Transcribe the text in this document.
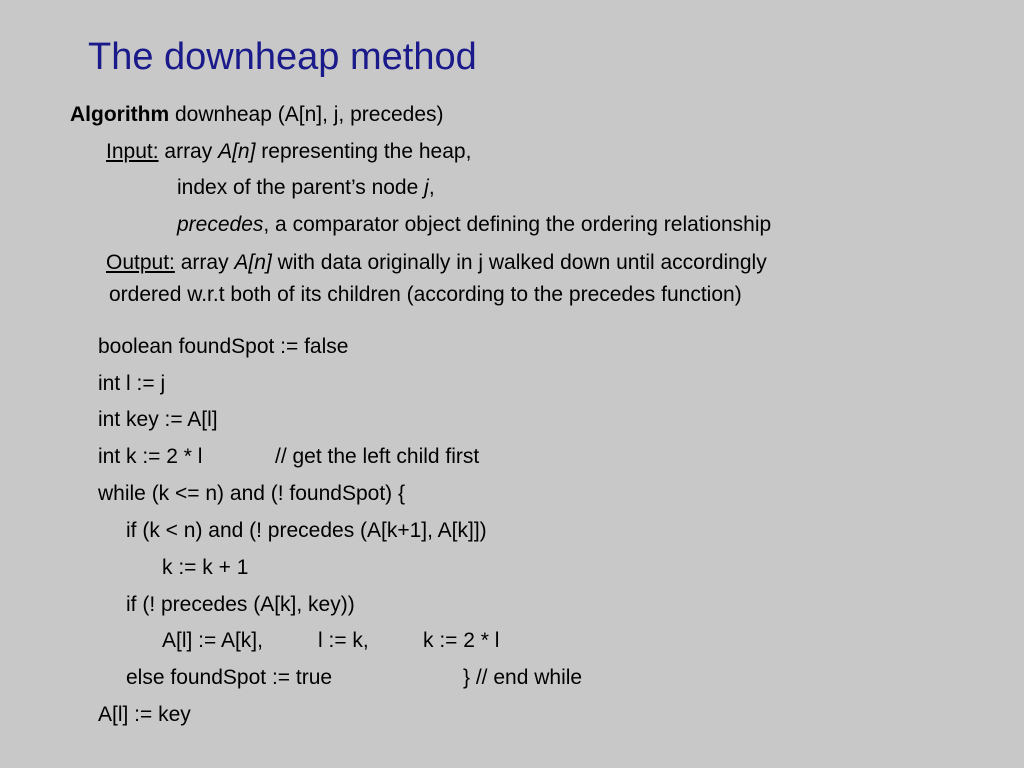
The downheap method
Algorithm downheap (A[n], j, precedes)
Input: array A[n] representing the heap,
index of the parent’s node j,
precedes, a comparator object defining the ordering relationship
Output: array A[n] with data originally in j walked down until accordingly
ordered w.r.t both of its children (according to the precedes function)
boolean foundSpot := false
int l := j
int key := A[l]
int k := 2 * l	// get the left child first
while (k <= n) and (! foundSpot) {
if (k < n) and (! precedes (A[k+1], A[k]])
k := k + 1
if (! precedes (A[k], key))
A[l] := A[k],	l := k,	k := 2 * l
else foundSpot := true	} // end while
A[l] := key
